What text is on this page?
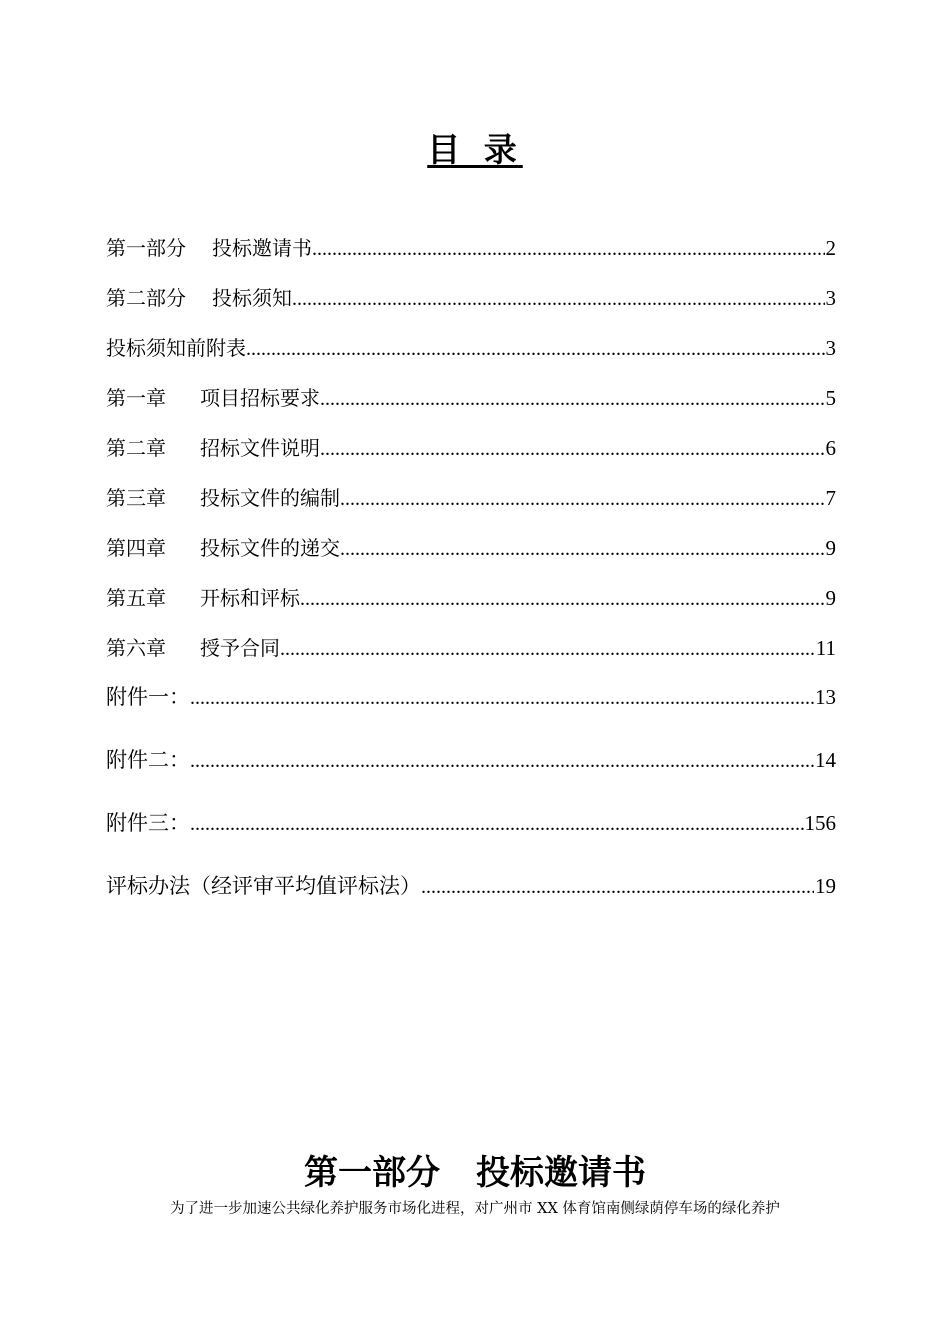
目 录
第一部分 投标邀请书 .....	2
第二部分 投标须知 .....	3
投标须知前附表 .....	3
第一章 项目招标要求 .....	5
第二章 招标文件说明 .....	6
第三章 投标文件的编制 .....	7
第四章 投标文件的递交 .....	9
第五章 开标和评标 .....	9
第六章 授予合同 .....	11
附件一： .....	13
附件二： .....	14
附件三： .....	156
评标办法（经评审平均值评标法） .....	19
第一部分 投标邀请书
为了进一步加速公共绿化养护服务市场化进程，对广州市 XX 体育馆南侧绿荫停车场的绿化养护
